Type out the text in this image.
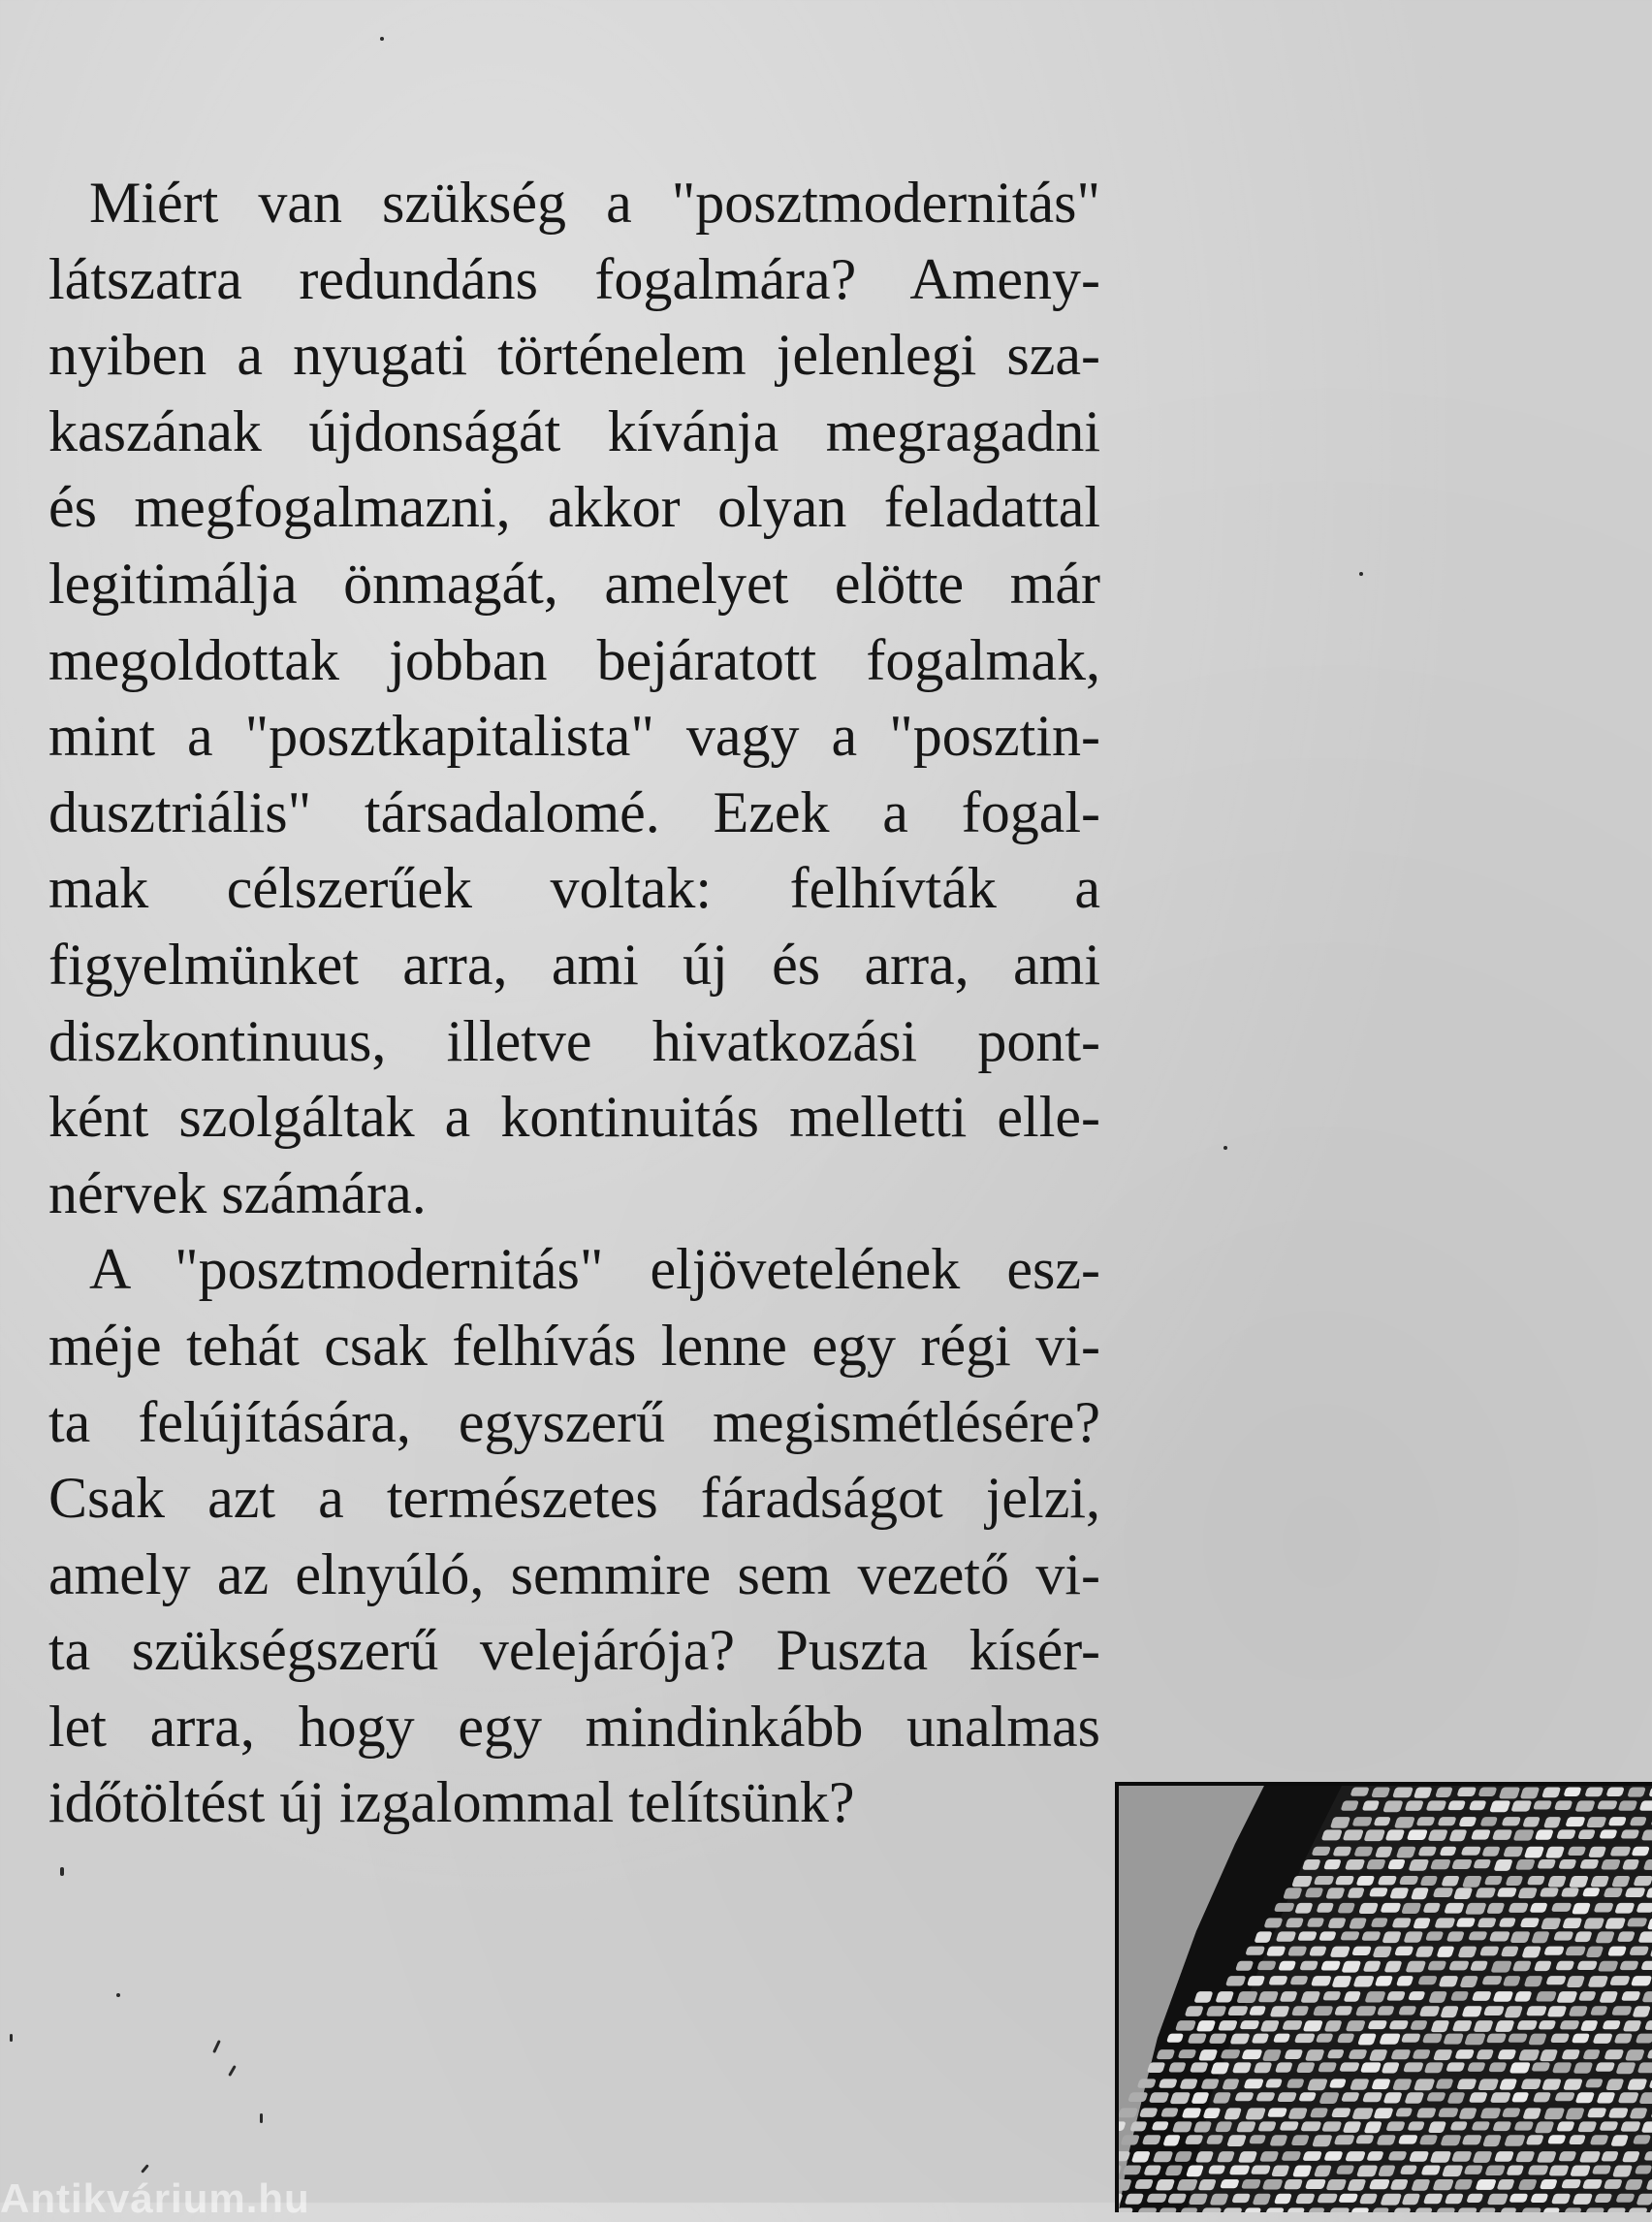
Miért van szükség a "posztmodernitás"
látszatra redundáns fogalmára? Ameny-
nyiben a nyugati történelem jelenlegi sza-
kaszának újdonságát kívánja megragadni
és megfogalmazni, akkor olyan feladattal
legitimálja önmagát, amelyet elötte már
megoldottak jobban bejáratott fogalmak,
mint a "posztkapitalista" vagy a "posztin-
dusztriális" társadalomé. Ezek a fogal-
mak célszerűek voltak: felhívták a
figyelmünket arra, ami új és arra, ami
diszkontinuus, illetve hivatkozási pont-
ként szolgáltak a kontinuitás melletti elle-
nérvek számára.

A "posztmodernitás" eljövetelének esz-
méje tehát csak felhívás lenne egy régi vi-
ta felújítására, egyszerű megismétlésére?
Csak azt a természetes fáradságot jelzi,
amely az elnyúló, semmire sem vezető vi-
ta szükségszerű velejárója? Puszta kísér-
let arra, hogy egy mindinkább unalmas
időtöltést új izgalommal telítsünk?

Antikvárium.hu
